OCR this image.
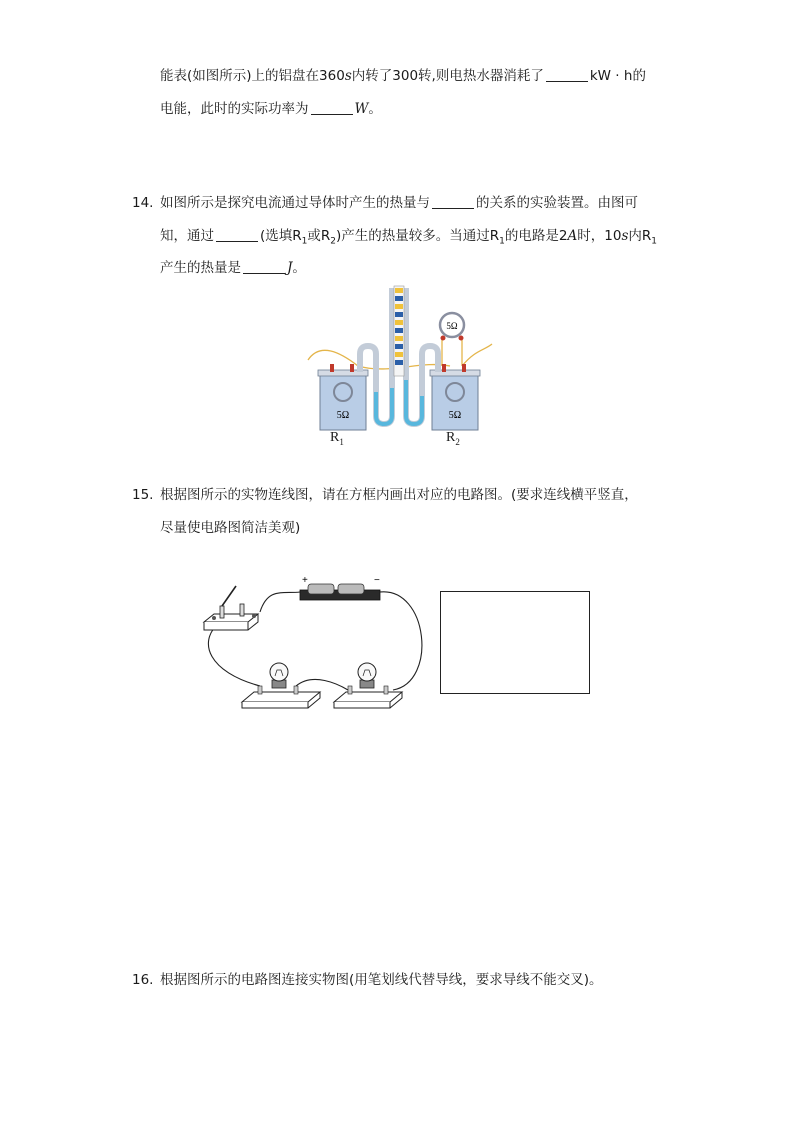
能表(如图所示)上的铝盘在360s内转了300转,则电热水器消耗了	kW · h的
电能，此时的实际功率为	W。
14. 如图所示是探究电流通过导体时产生的热量与	的关系的实验装置。由图可
知，通过	(选填$R_1$或$R_2$)产生的热量较多。当通过$R_1$的电路是2A时，10s内$R_1$
产生的热量是	J。
5Ω
5Ω	5Ω
$R_1$	$R_2$
15. 根据图所示的实物连线图，请在方框内画出对应的电路图。(要求连线横平竖直，
尽量使电路图简洁美观)
+	−
16. 根据图所示的电路图连接实物图(用笔划线代替导线，要求导线不能交叉)。
